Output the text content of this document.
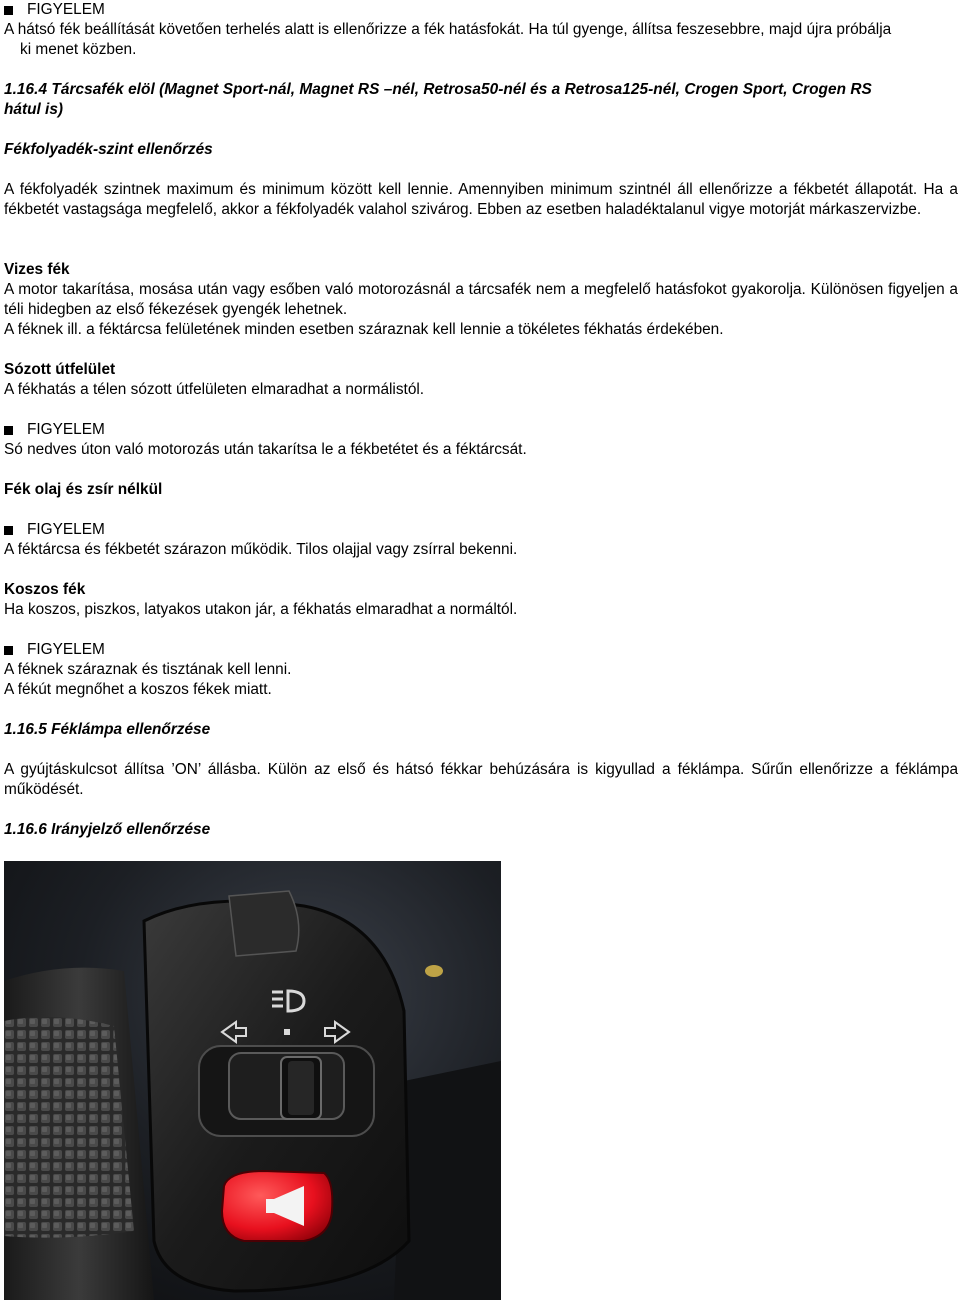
FIGYELEM
A hátsó fék beállítását követően terhelés alatt is ellenőrizze a fék hatásfokát. Ha túl gyenge, állítsa feszesebbre, majd újra próbálja
ki menet közben.
1.16.4 Tárcsafék elöl (Magnet Sport-nál, Magnet RS –nél, Retrosa50-nél és a Retrosa125-nél, Crogen Sport, Crogen RS
hátul is)
Fékfolyadék-szint ellenőrzés
A fékfolyadék szintnek maximum és minimum között kell lennie. Amennyiben minimum szintnél áll ellenőrizze a fékbetét állapotát. Ha a fékbetét vastagsága megfelelő, akkor a fékfolyadék valahol szivárog. Ebben az esetben haladéktalanul vigye motorját márkaszervizbe.
Vizes fék
A motor takarítása, mosása után vagy esőben való motorozásnál a tárcsafék nem a megfelelő hatásfokot gyakorolja. Különösen figyeljen a téli hidegben az első fékezések gyengék lehetnek.
A féknek ill. a féktárcsa felületének minden esetben száraznak kell lennie a tökéletes fékhatás érdekében.
Sózott útfelület
A fékhatás a télen sózott útfelületen elmaradhat a normálistól.
FIGYELEM
Só nedves úton való motorozás után takarítsa le a fékbetétet és a féktárcsát.
Fék olaj és zsír nélkül
FIGYELEM
A féktárcsa és fékbetét szárazon működik. Tilos olajjal vagy zsírral bekenni.
Koszos fék
Ha koszos, piszkos, latyakos utakon jár, a fékhatás elmaradhat a normáltól.
FIGYELEM
A féknek száraznak és tisztának kell lenni.
A fékút megnőhet a koszos fékek miatt.
1.16.5 Féklámpa ellenőrzése
A gyújtáskulcsot állítsa ’ON’ állásba. Külön az első és hátsó fékkar behúzására is kigyullad a féklámpa. Sűrűn ellenőrizze a féklámpa működését.
1.16.6 Irányjelző ellenőrzése
